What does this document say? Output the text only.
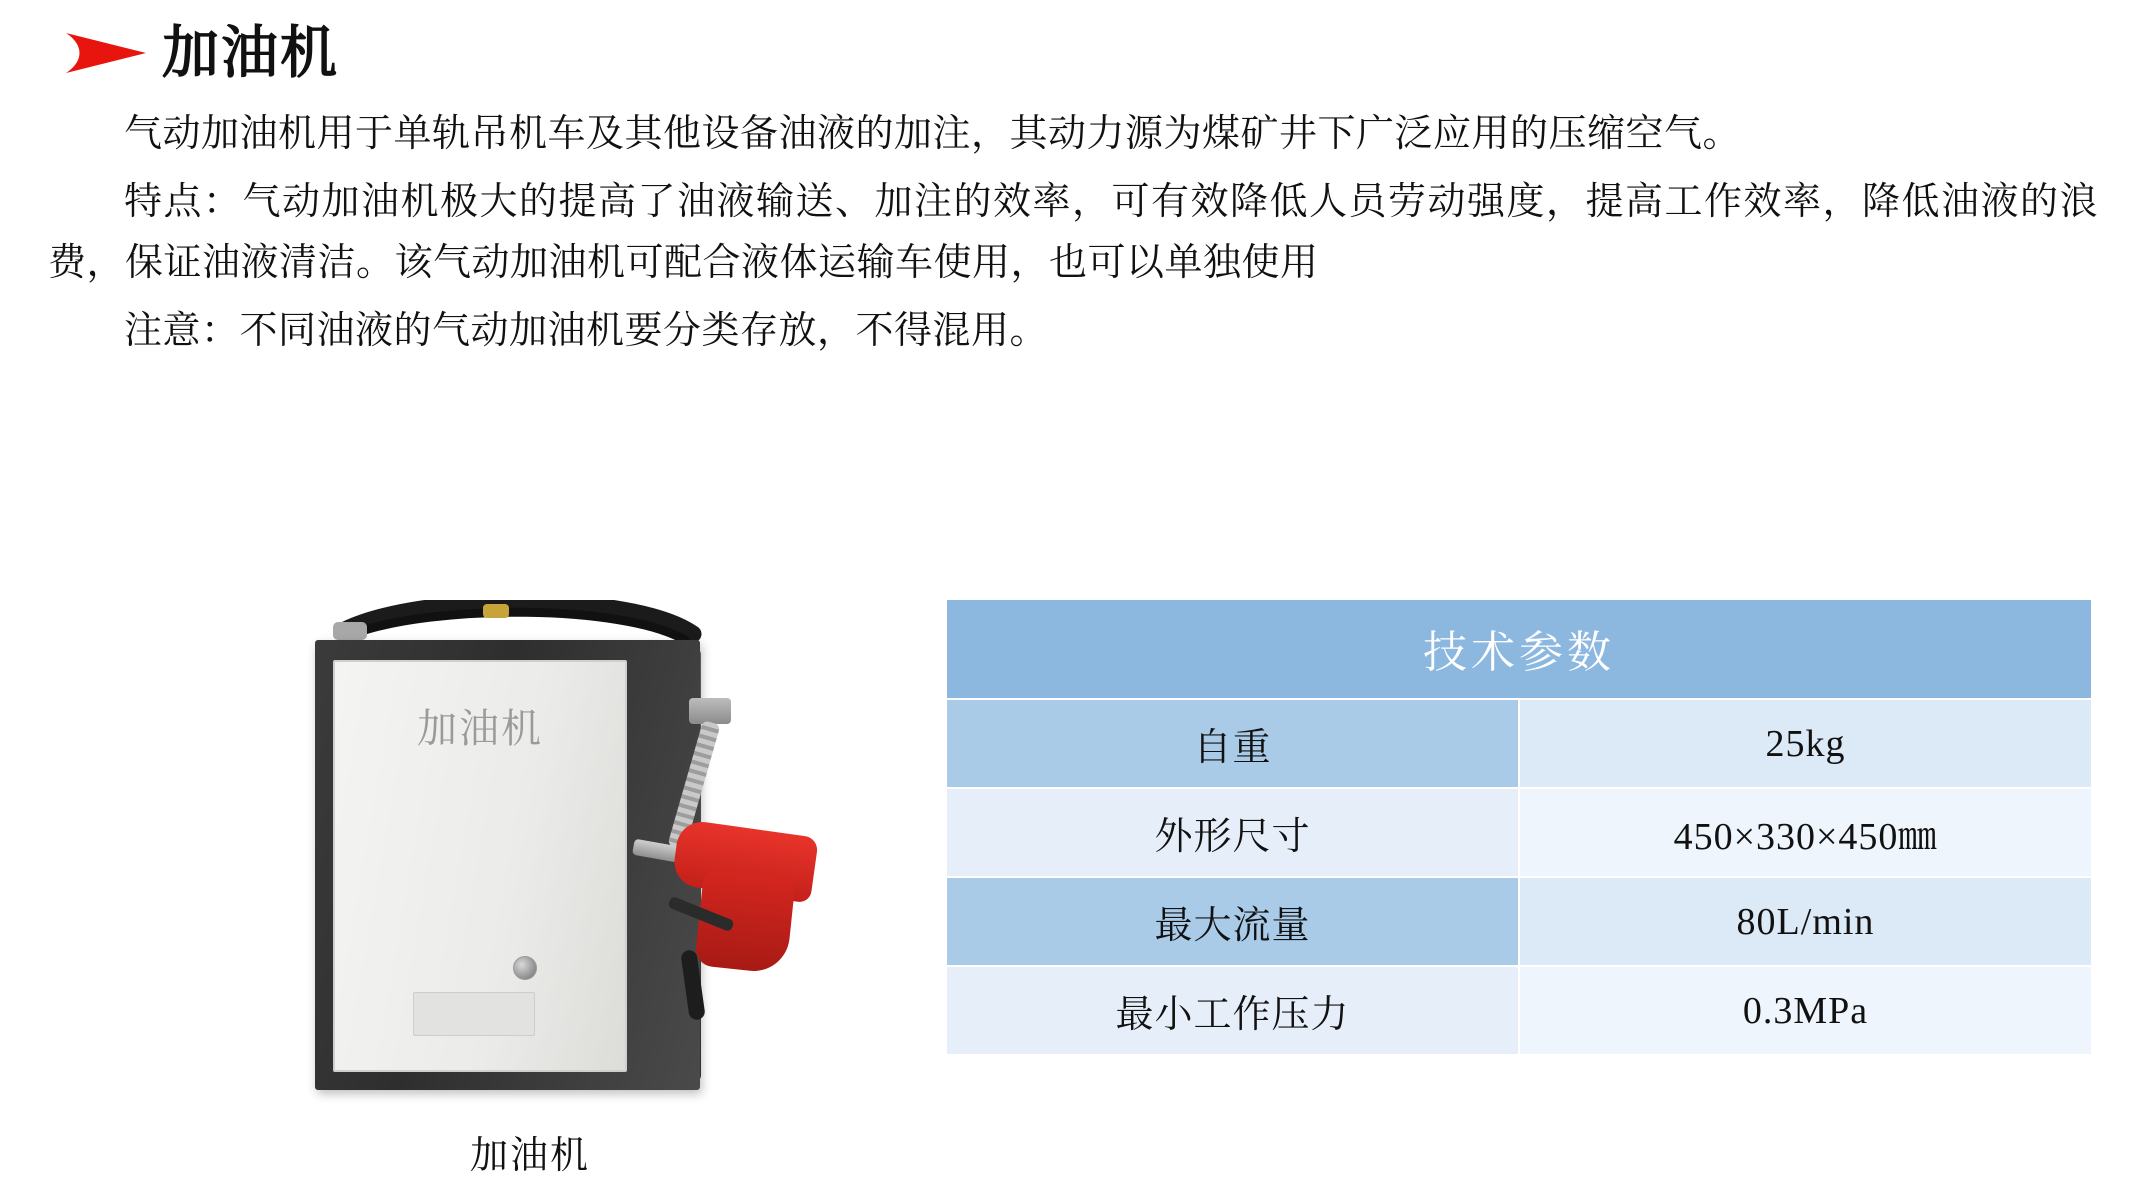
加油机

气动加油机用于单轨吊机车及其他设备油液的加注，其动力源为煤矿井下广泛应用的压缩空气。

特点：气动加油机极大的提高了油液输送、加注的效率，可有效降低人员劳动强度，提高工作效率，降低油液的浪费，保证油液清洁。该气动加油机可配合液体运输车使用，也可以单独使用

注意：不同油液的气动加油机要分类存放，不得混用。

加油机
加油机
技术参数	
自重	25kg
外形尺寸	450×330×450㎜
最大流量	80L/min
最小工作压力	0.3MPa
